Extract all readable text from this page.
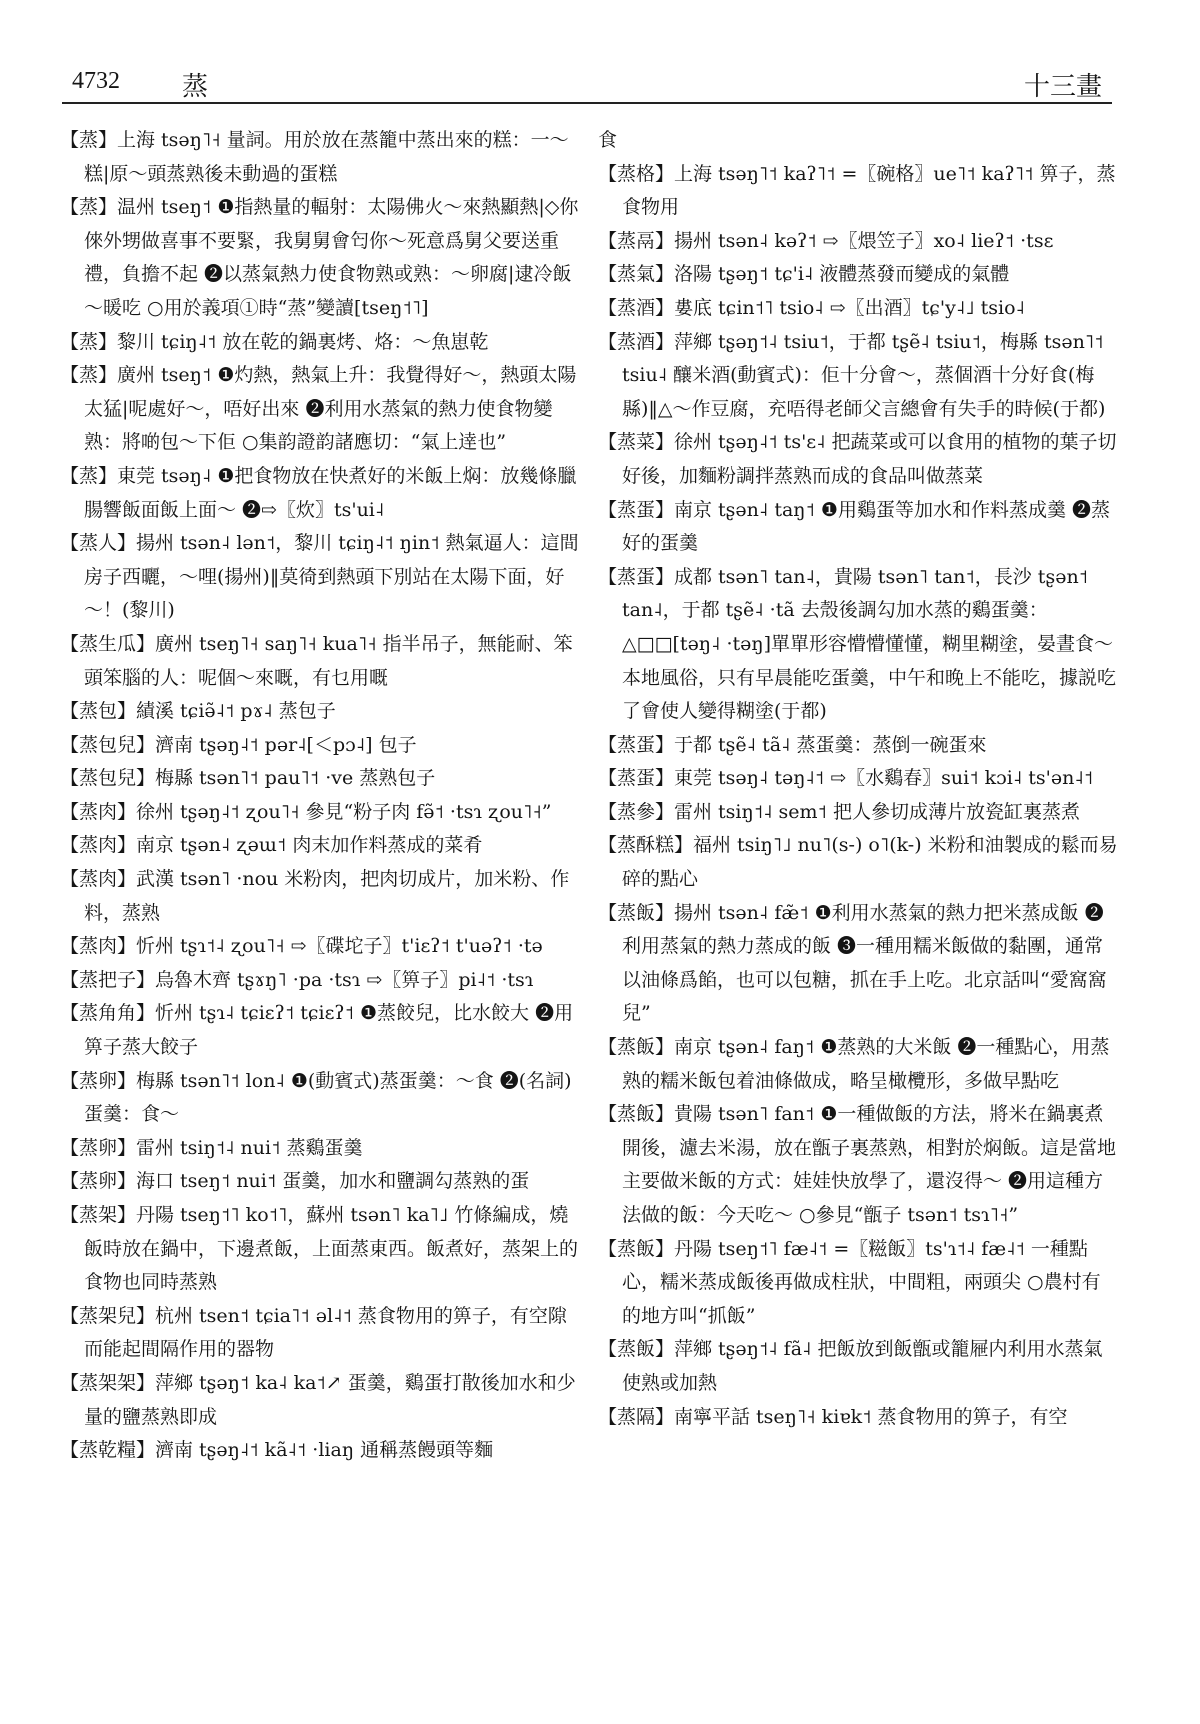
4732 蒸	十三畫

【蒸】上海 tsəŋ˥˧ 量詞。用於放在蒸籠中蒸出來的糕：一～糕|原～頭蒸熟後未動過的蛋糕

【蒸】温州 tseŋ˦ ❶指熱量的輻射：太陽佛火～來熱顯熱|◇你倈外甥做喜事不要緊，我舅舅會匄你～死意爲舅父要送重禮，負擔不起 ❷以蒸氣熱力使食物熟或熟：～卵腐|逮冷飯～暖吃 ○用於義項①時“蒸”變讀[tseŋ˦˥]

【蒸】黎川 tɕiŋ˨˦ 放在乾的鍋裏烤、烙：～魚崽乾

【蒸】廣州 tseŋ˦ ❶灼熱，熱氣上升：我覺得好～，熱頭太陽太猛|呢處好～，唔好出來 ❷利用水蒸氣的熱力使食物變熟：將啲包～下佢 ○集韵證韵諸應切：“氣上逹也”

【蒸】東莞 tsəŋ˨ ❶把食物放在快煮好的米飯上焖：放幾條臘腸響飯面飯上面～ ❷⇨〖炊〗ts'ui˨

【蒸人】揚州 tsən˨ lən˦，黎川 tɕiŋ˨˦ ŋin˦ 熱氣逼人：這間房子西曬，～哩(揚州)‖莫徛到熱頭下別站在太陽下面，好～！(黎川)

【蒸生瓜】廣州 tseŋ˥˧ saŋ˥˧ kua˥˧ 指半吊子，無能耐、笨頭笨腦的人：呢個～來嘅，有乜用嘅

【蒸包】績溪 tɕiə̃˨˦ pɤ˨ 蒸包子

【蒸包兒】濟南 tʂəŋ˨˦ pər˨[＜pɔ˨] 包子

【蒸包兒】梅縣 tsən˥˦ pau˥˦ ·ve 蒸熟包子

【蒸肉】徐州 tʂəŋ˨˦ ʐou˥˧ 參見“粉子肉 fə̃˦ ·tsɿ ʐou˥˧”

【蒸肉】南京 tʂən˨ ʐəɯ˦ 肉末加作料蒸成的菜肴

【蒸肉】武漢 tsən˥ ·nou 米粉肉，把肉切成片，加米粉、作料，蒸熟

【蒸肉】忻州 tʂɿ˦˨ ʐou˥˧ ⇨〖碟坨子〗t'iɛʔ˦ t'uəʔ˦ ·tə

【蒸把子】烏魯木齊 tʂɤŋ˥ ·pa ·tsɿ ⇨〖箅子〗pi˨˦ ·tsɿ

【蒸角角】忻州 tʂɿ˨ tɕiɛʔ˦ tɕiɛʔ˦ ❶蒸餃兒，比水餃大 ❷用箅子蒸大餃子

【蒸卵】梅縣 tsən˥˦ lon˨ ❶(動賓式)蒸蛋羹：～食 ❷(名詞)蛋羹：食～

【蒸卵】雷州 tsiŋ˦˨ nui˦ 蒸鷄蛋羹

【蒸卵】海口 tseŋ˦ nui˦ 蛋羹，加水和鹽調勾蒸熟的蛋

【蒸架】丹陽 tseŋ˦˥ ko˦˥，蘇州 tsən˥ ka˥˩ 竹條編成，燒飯時放在鍋中，下邊煮飯，上面蒸東西。飯煮好，蒸架上的食物也同時蒸熟

【蒸架兒】杭州 tsen˦ tɕia˥˦ əl˨˦ 蒸食物用的箅子，有空隙而能起間隔作用的器物

【蒸架架】萍鄉 tʂəŋ˦ ka˨ ka˦↗ 蛋羹，鷄蛋打散後加水和少量的鹽蒸熟即成

【蒸乾糧】濟南 tʂəŋ˨˦ kã˨˦ ·liaŋ 通稱蒸饅頭等麵

食

【蒸格】上海 tsəŋ˥˦ kaʔ˥˦ =〖碗格〗ue˥˦ kaʔ˥˦ 箅子，蒸食物用

【蒸鬲】揚州 tsən˨ kəʔ˦ ⇨〖煨笠子〗xo˨ lieʔ˦ ·tsɛ

【蒸氣】洛陽 tʂəŋ˦ tɕ'i˨ 液體蒸發而變成的氣體

【蒸酒】婁底 tɕin˦˥ tsio˨ ⇨〖出酒〗tɕ'y˨˩ tsio˨

【蒸酒】萍鄉 tʂəŋ˦˨ tsiu˦，于都 tʂẽ˨ tsiu˦，梅縣 tsən˥˦ tsiu˨ 釀米酒(動賓式)：佢十分會～，蒸個酒十分好食(梅縣)‖△～作豆腐，充唔得老師父言總會有失手的時候(于都)

【蒸菜】徐州 tʂəŋ˨˦ ts'ɛ˨ 把蔬菜或可以食用的植物的葉子切好後，加麵粉調拌蒸熟而成的食品叫做蒸菜

【蒸蛋】南京 tʂən˨ taŋ˦ ❶用鷄蛋等加水和作料蒸成羹 ❷蒸好的蛋羹

【蒸蛋】成都 tsən˥ tan˨，貴陽 tsən˥ tan˦，長沙 tʂən˦ tan˨，于都 tʂẽ˨ ·tã 去殼後調勾加水蒸的鷄蛋羹：△□□[təŋ˨ ·təŋ]單單形容懵懵懂懂，糊里糊塗，晏晝食～本地風俗，只有早晨能吃蛋羹，中午和晚上不能吃，據説吃了會使人變得糊塗(于都)

【蒸蛋】于都 tʂẽ˨ tã˨ 蒸蛋羹：蒸倒一碗蛋來

【蒸蛋】東莞 tsəŋ˨ təŋ˨˦ ⇨〖水鷄春〗sui˦ kɔi˨ ts'ən˨˦

【蒸參】雷州 tsiŋ˦˨ sem˦ 把人參切成薄片放瓷缸裏蒸煮

【蒸酥糕】福州 tsiŋ˥˩ nu˥(s-) o˥(k-) 米粉和油製成的鬆而易碎的點心

【蒸飯】揚州 tsən˨ fæ̃˦ ❶利用水蒸氣的熱力把米蒸成飯 ❷利用蒸氣的熱力蒸成的飯 ❸一種用糯米飯做的黏團，通常以油條爲餡，也可以包糖，抓在手上吃。北京話叫“愛窩窩兒”

【蒸飯】南京 tʂən˨ faŋ˦ ❶蒸熟的大米飯 ❷一種點心，用蒸熟的糯米飯包着油條做成，略呈橄欖形，多做早點吃

【蒸飯】貴陽 tsən˥ fan˦ ❶一種做飯的方法，將米在鍋裏煮開後，濾去米湯，放在甑子裏蒸熟，相對於焖飯。這是當地主要做米飯的方式：娃娃快放學了，還沒得～ ❷用這種方法做的飯：今天吃～ ○參見“甑子 tsən˦ tsɿ˥˧”

【蒸飯】丹陽 tseŋ˦˥ fæ˨˦ =〖糍飯〗ts'ɿ˦˨ fæ˨˦ 一種點心，糯米蒸成飯後再做成柱狀，中間粗，兩頭尖 ○農村有的地方叫“抓飯”

【蒸飯】萍鄉 tʂəŋ˦˨ fã˨ 把飯放到飯甑或籠屜内利用水蒸氣使熟或加熱

【蒸隔】南寧平話 tseŋ˥˧ kiɐk˦ 蒸食物用的箅子，有空
